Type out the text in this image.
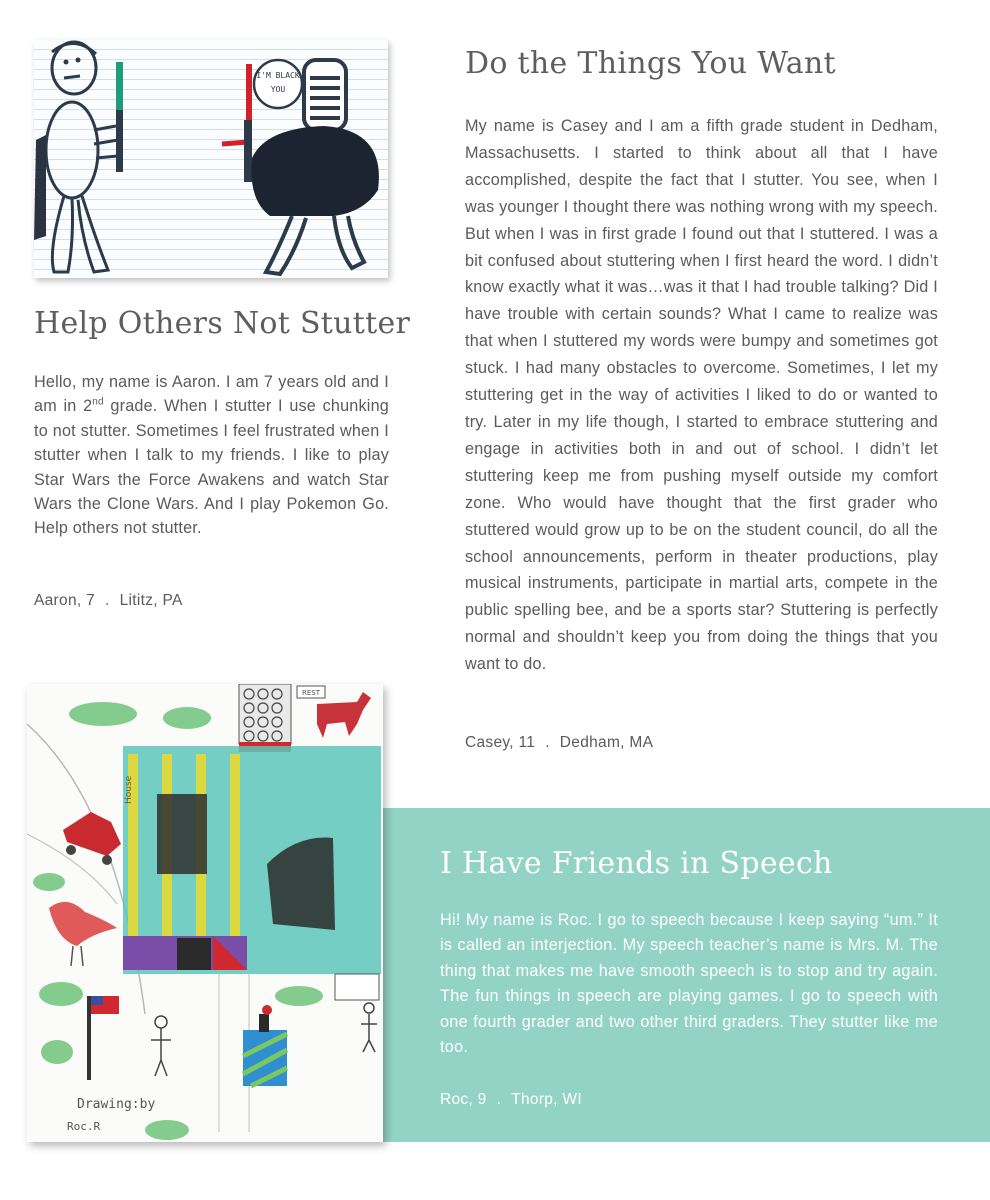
I'M BLACK
YOU
Help Others Not Stutter

Hello, my name is Aaron. I am 7 years old and I am in 2nd grade. When I stutter I use chunking to not stutter. Sometimes I feel frustrated when I stutter when I talk to my friends. I like to play Star Wars the Force Awakens and watch Star Wars the Clone Wars. And I play Pokemon Go. Help others not stutter.

Aaron, 7 . Lititz, PA
Do the Things You Want

My name is Casey and I am a fifth grade student in Dedham, Massachusetts. I started to think about all that I have accomplished, despite the fact that I stutter. You see, when I was younger I thought there was nothing wrong with my speech. But when I was in first grade I found out that I stuttered. I was a bit confused about stuttering when I first heard the word. I didn’t know exactly what it was…was it that I had trouble talking? Did I have trouble with certain sounds? What I came to realize was that when I stuttered my words were bumpy and sometimes got stuck. I had many obstacles to overcome. Sometimes, I let my stuttering get in the way of activities I liked to do or wanted to try. Later in my life though, I started to embrace stuttering and engage in activities both in and out of school. I didn’t let stuttering keep me from pushing myself outside my comfort zone. Who would have thought that the first grader who stuttered would grow up to be on the student council, do all the school announcements, perform in theater productions, play musical instruments, participate in martial arts, compete in the public spelling bee, and be a sports star? Stuttering is perfectly normal and shouldn’t keep you from doing the things that you want to do.

Casey, 11 . Dedham, MA
I Have Friends in Speech

Hi! My name is Roc. I go to speech because I keep saying “um.” It is called an interjection. My speech teacher’s name is Mrs. M. The thing that makes me have smooth speech is to stop and try again. The fun things in speech are playing games. I go to speech with one fourth grader and two other third graders. They stutter like me too.

Roc, 9 . Thorp, WI
REST
House
Drawing:by
Roc.R
